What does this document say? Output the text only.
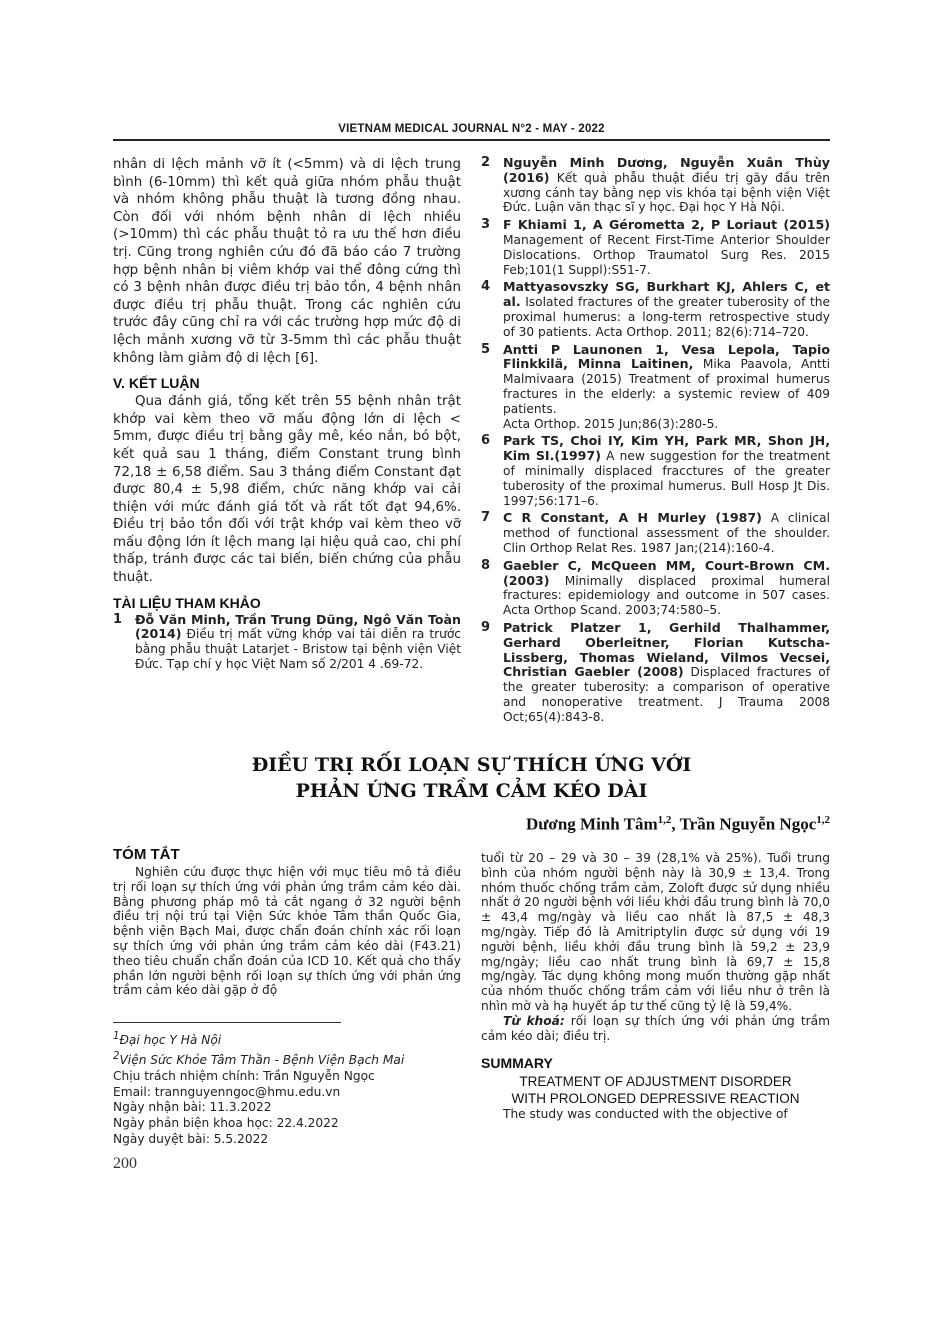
VIETNAM MEDICAL JOURNAL N°2 - MAY - 2022

nhân di lệch mảnh vỡ ít (<5mm) và di lệch trung bình (6-10mm) thì kết quả giữa nhóm phẫu thuật và nhóm không phẫu thuật là tương đồng nhau. Còn đối với nhóm bệnh nhân di lệch nhiều (>10mm) thì các phẫu thuật tỏ ra ưu thế hơn điều trị. Cũng trong nghiên cứu đó đã báo cáo 7 trường hợp bệnh nhân bị viêm khớp vai thể đông cứng thì có 3 bệnh nhân được điều trị bảo tồn, 4 bệnh nhân được điều trị phẫu thuật. Trong các nghiên cứu trước đây cũng chỉ ra với các trường hợp mức độ di lệch mảnh xương vỡ từ 3-5mm thì các phẫu thuật không làm giảm độ di lệch [6].

V. KẾT LUẬN

Qua đánh giá, tổng kết trên 55 bệnh nhân trật khớp vai kèm theo vỡ mấu động lớn di lệch < 5mm, được điều trị bằng gây mê, kéo nắn, bó bột, kết quả sau 1 tháng, điểm Constant trung bình 72,18 ± 6,58 điểm. Sau 3 tháng điểm Constant đạt được 80,4 ± 5,98 điểm, chức năng khớp vai cải thiện với mức đánh giá tốt và rất tốt đạt 94,6%. Điều trị bảo tồn đối với trật khớp vai kèm theo vỡ mấu động lớn ít lệch mang lại hiệu quả cao, chi phí thấp, tránh được các tai biến, biến chứng của phẫu thuật.

TÀI LIỆU THAM KHẢO
1	Đỗ Văn Minh, Trần Trung Dũng, Ngô Văn Toàn (2014) Điều trị mất vững khớp vai tái diễn ra trước bằng phẫu thuật Latarjet - Bristow tại bệnh viện Việt Đức. Tạp chí y học Việt Nam số 2/201 4 .69-72.
2	Nguyễn Minh Dương, Nguyễn Xuân Thùy (2016) Kết quả phẫu thuật điều trị gãy đầu trên xương cánh tay bằng nẹp vis khóa tại bệnh viện Việt Đức. Luận văn thạc sĩ y học. Đại học Y Hà Nội.
3	F Khiami 1, A Gérometta 2, P Loriaut (2015) Management of Recent First-Time Anterior Shoulder Dislocations. Orthop Traumatol Surg Res. 2015 Feb;101(1 Suppl):S51-7.
4	Mattyasovszky SG, Burkhart KJ, Ahlers C, et al. Isolated fractures of the greater tuberosity of the proximal humerus: a long-term retrospective study of 30 patients. Acta Orthop. 2011; 82(6):714–720.
5	Antti P Launonen 1, Vesa Lepola, Tapio Flinkkilä, Minna Laitinen, Mika Paavola, Antti Malmivaara (2015) Treatment of proximal humerus fractures in the elderly: a systemic review of 409 patients.
Acta Orthop. 2015 Jun;86(3):280-5.
6	Park TS, Choi IY, Kim YH, Park MR, Shon JH, Kim SI.(1997) A new suggestion for the treatment of minimally displaced fracctures of the greater tuberosity of the proximal humerus. Bull Hosp Jt Dis. 1997;56:171–6.
7	C R Constant, A H Murley (1987) A clinical method of functional assessment of the shoulder. Clin Orthop Relat Res. 1987 Jan;(214):160-4.
8	Gaebler C, McQueen MM, Court-Brown CM.(2003) Minimally displaced proximal humeral fractures: epidemiology and outcome in 507 cases. Acta Orthop Scand. 2003;74:580–5.
9	Patrick Platzer 1, Gerhild Thalhammer, Gerhard Oberleitner, Florian Kutscha-Lissberg, Thomas Wieland, Vilmos Vecsei, Christian Gaebler (2008) Displaced fractures of the greater tuberosity: a comparison of operative and nonoperative treatment. J Trauma 2008 Oct;65(4):843-8.
ĐIỀU TRỊ RỐI LOẠN SỰ THÍCH ỨNG VỚI
PHẢN ỨNG TRẦM CẢM KÉO DÀI
Dương Minh Tâm$^{1,2}$, Trần Nguyễn Ngọc$^{1,2}$
TÓM TẮT

Nghiên cứu được thực hiện với mục tiêu mô tả điều trị rối loạn sự thích ứng với phản ứng trầm cảm kéo dài. Bằng phương pháp mô tả cắt ngang ở 32 người bệnh điều trị nội trú tại Viện Sức khỏe Tâm thần Quốc Gia, bệnh viện Bạch Mai, được chẩn đoán chính xác rối loạn sự thích ứng với phản ứng trầm cảm kéo dài (F43.21) theo tiêu chuẩn chẩn đoán của ICD 10. Kết quả cho thấy phần lớn người bệnh rối loạn sự thích ứng với phản ứng trầm cảm kéo dài gặp ở độ

tuổi từ 20 – 29 và 30 – 39 (28,1% và 25%). Tuổi trung bình của nhóm người bệnh này là 30,9 ± 13,4. Trong nhóm thuốc chống trầm cảm, Zoloft được sử dụng nhiều nhất ở 20 người bệnh với liều khởi đầu trung bình là 70,0 ± 43,4 mg/ngày và liều cao nhất là 87,5 ± 48,3 mg/ngày. Tiếp đó là Amitriptylin được sử dụng với 19 người bệnh, liều khởi đầu trung bình là 59,2 ± 23,9 mg/ngày; liều cao nhất trung bình là 69,7 ± 15,8 mg/ngày. Tác dụng không mong muốn thường gặp nhất của nhóm thuốc chống trầm cảm với liều như ở trên là nhìn mờ và hạ huyết áp tư thế cũng tỷ lệ là 59,4%.

Từ khoá: rối loạn sự thích ứng với phản ứng trầm cảm kéo dài; điều trị.

SUMMARY

TREATMENT OF ADJUSTMENT DISORDER

WITH PROLONGED DEPRESSIVE REACTION

The study was conducted with the objective of

$^1$Đại học Y Hà Nội

$^2$Viện Sức Khỏe Tâm Thần - Bệnh Viện Bạch Mai

Chịu trách nhiệm chính: Trần Nguyễn Ngọc

Email: trannguyenngoc@hmu.edu.vn

Ngày nhận bài: 11.3.2022

Ngày phản biện khoa học: 22.4.2022

Ngày duyệt bài: 5.5.2022

200
